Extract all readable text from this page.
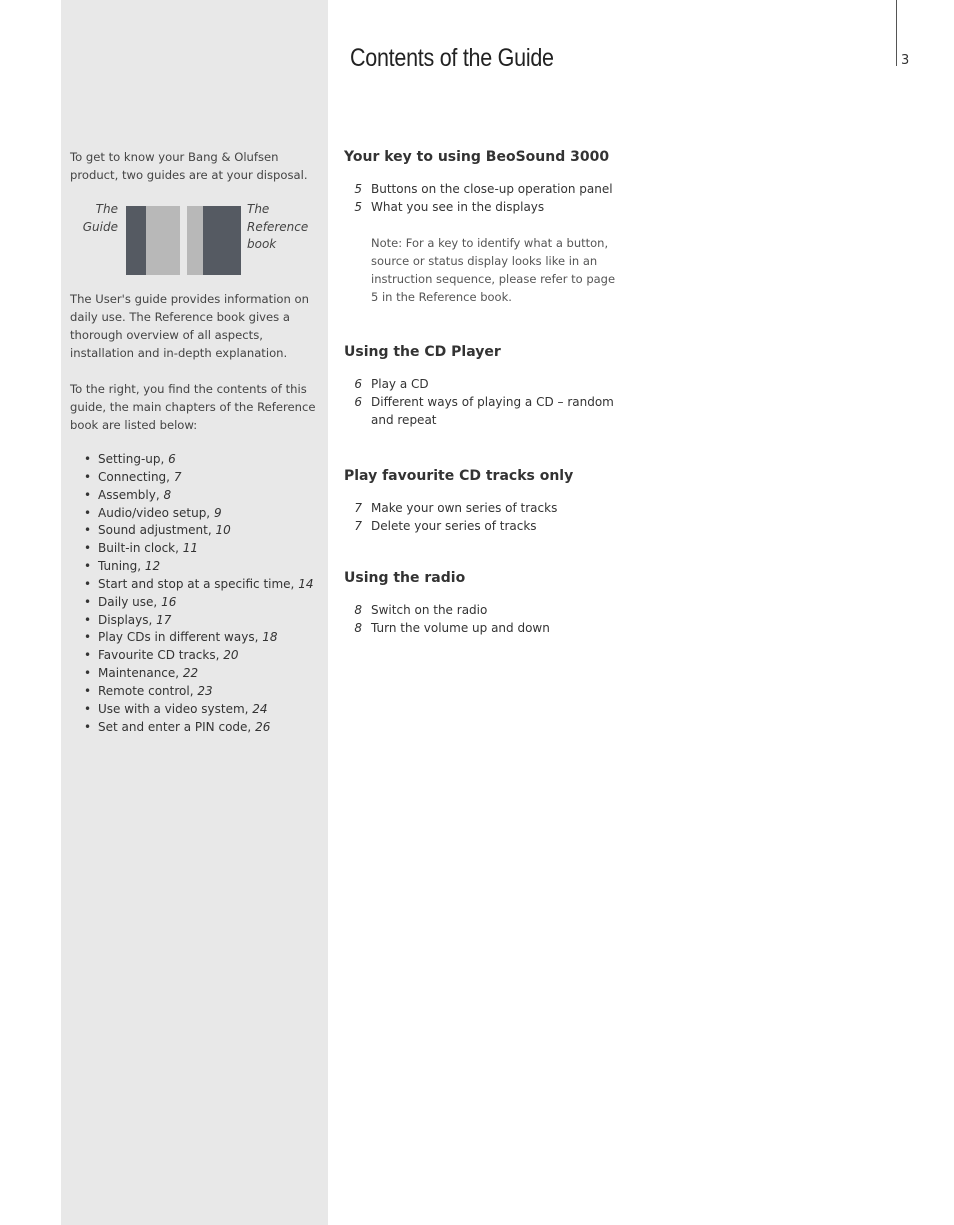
3
Contents of the Guide

To get to know your Bang & Olufsen product, two guides are at your disposal.

The Guide
The Reference book

The User's guide provides information on daily use. The Reference book gives a thorough overview of all aspects, installation and in-depth explanation.

To the right, you find the contents of this guide, the main chapters of the Reference book are listed below:

• Setting-up, 6
• Connecting, 7
• Assembly, 8
• Audio/video setup, 9
• Sound adjustment, 10
• Built-in clock, 11
• Tuning, 12
• Start and stop at a specific time, 14
• Daily use, 16
• Displays, 17
• Play CDs in different ways, 18
• Favourite CD tracks, 20
• Maintenance, 22
• Remote control, 23
• Use with a video system, 24
• Set and enter a PIN code, 26
Your key to using BeoSound 3000
5 Buttons on the close-up operation panel
5 What you see in the displays

Note: For a key to identify what a button, source or status display looks like in an instruction sequence, please refer to page 5 in the Reference book.

Using the CD Player
6 Play a CD
6 Different ways of playing a CD – random and repeat
Play favourite CD tracks only
7 Make your own series of tracks
7 Delete your series of tracks
Using the radio
8 Switch on the radio
8 Turn the volume up and down
